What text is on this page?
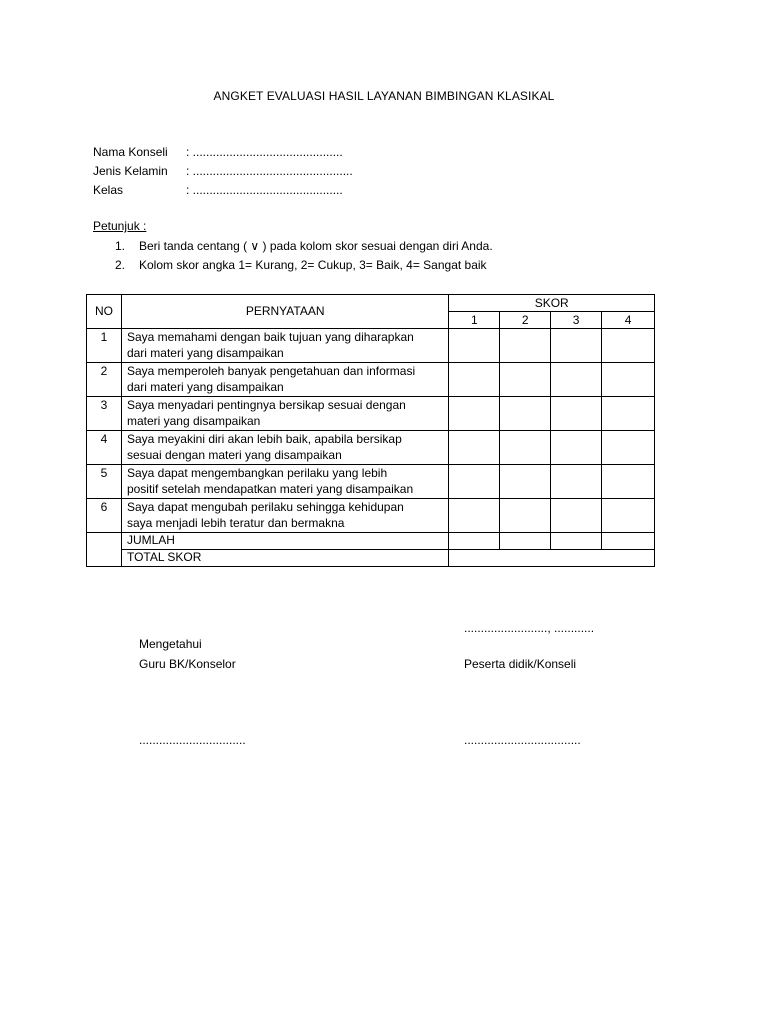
ANGKET EVALUASI HASIL LAYANAN BIMBINGAN KLASIKAL
Nama Konseli : .............................................
Jenis Kelamin : ................................................
Kelas	: .............................................
Petunjuk :
1. Beri tanda centang ( ∨ ) pada kolom skor sesuai dengan diri Anda.
2. Kolom skor angka 1= Kurang, 2= Cukup, 3= Baik, 4= Sangat baik
NO	PERNYATAAN	SKOR			
		1	2	3	4
1	Saya memahami dengan baik tujuan yang diharapkan
dari materi yang disampaikan				

2	Saya memperoleh banyak pengetahuan dan informasi
dari materi yang disampaikan				

3	Saya menyadari pentingnya bersikap sesuai dengan
materi yang disampaikan				

4	Saya meyakini diri akan lebih baik, apabila bersikap
sesuai dengan materi yang disampaikan				

5	Saya dapat mengembangkan perilaku yang lebih
positif setelah mendapatkan materi yang disampaikan				

6	Saya dapat mengubah perilaku sehingga kehidupan
saya menjadi lebih teratur dan bermakna				

	JUMLAH				
	TOTAL SKOR				
........................., ............
Mengetahui
Guru BK/Konselor	Peserta didik/Konseli
................................	...................................
